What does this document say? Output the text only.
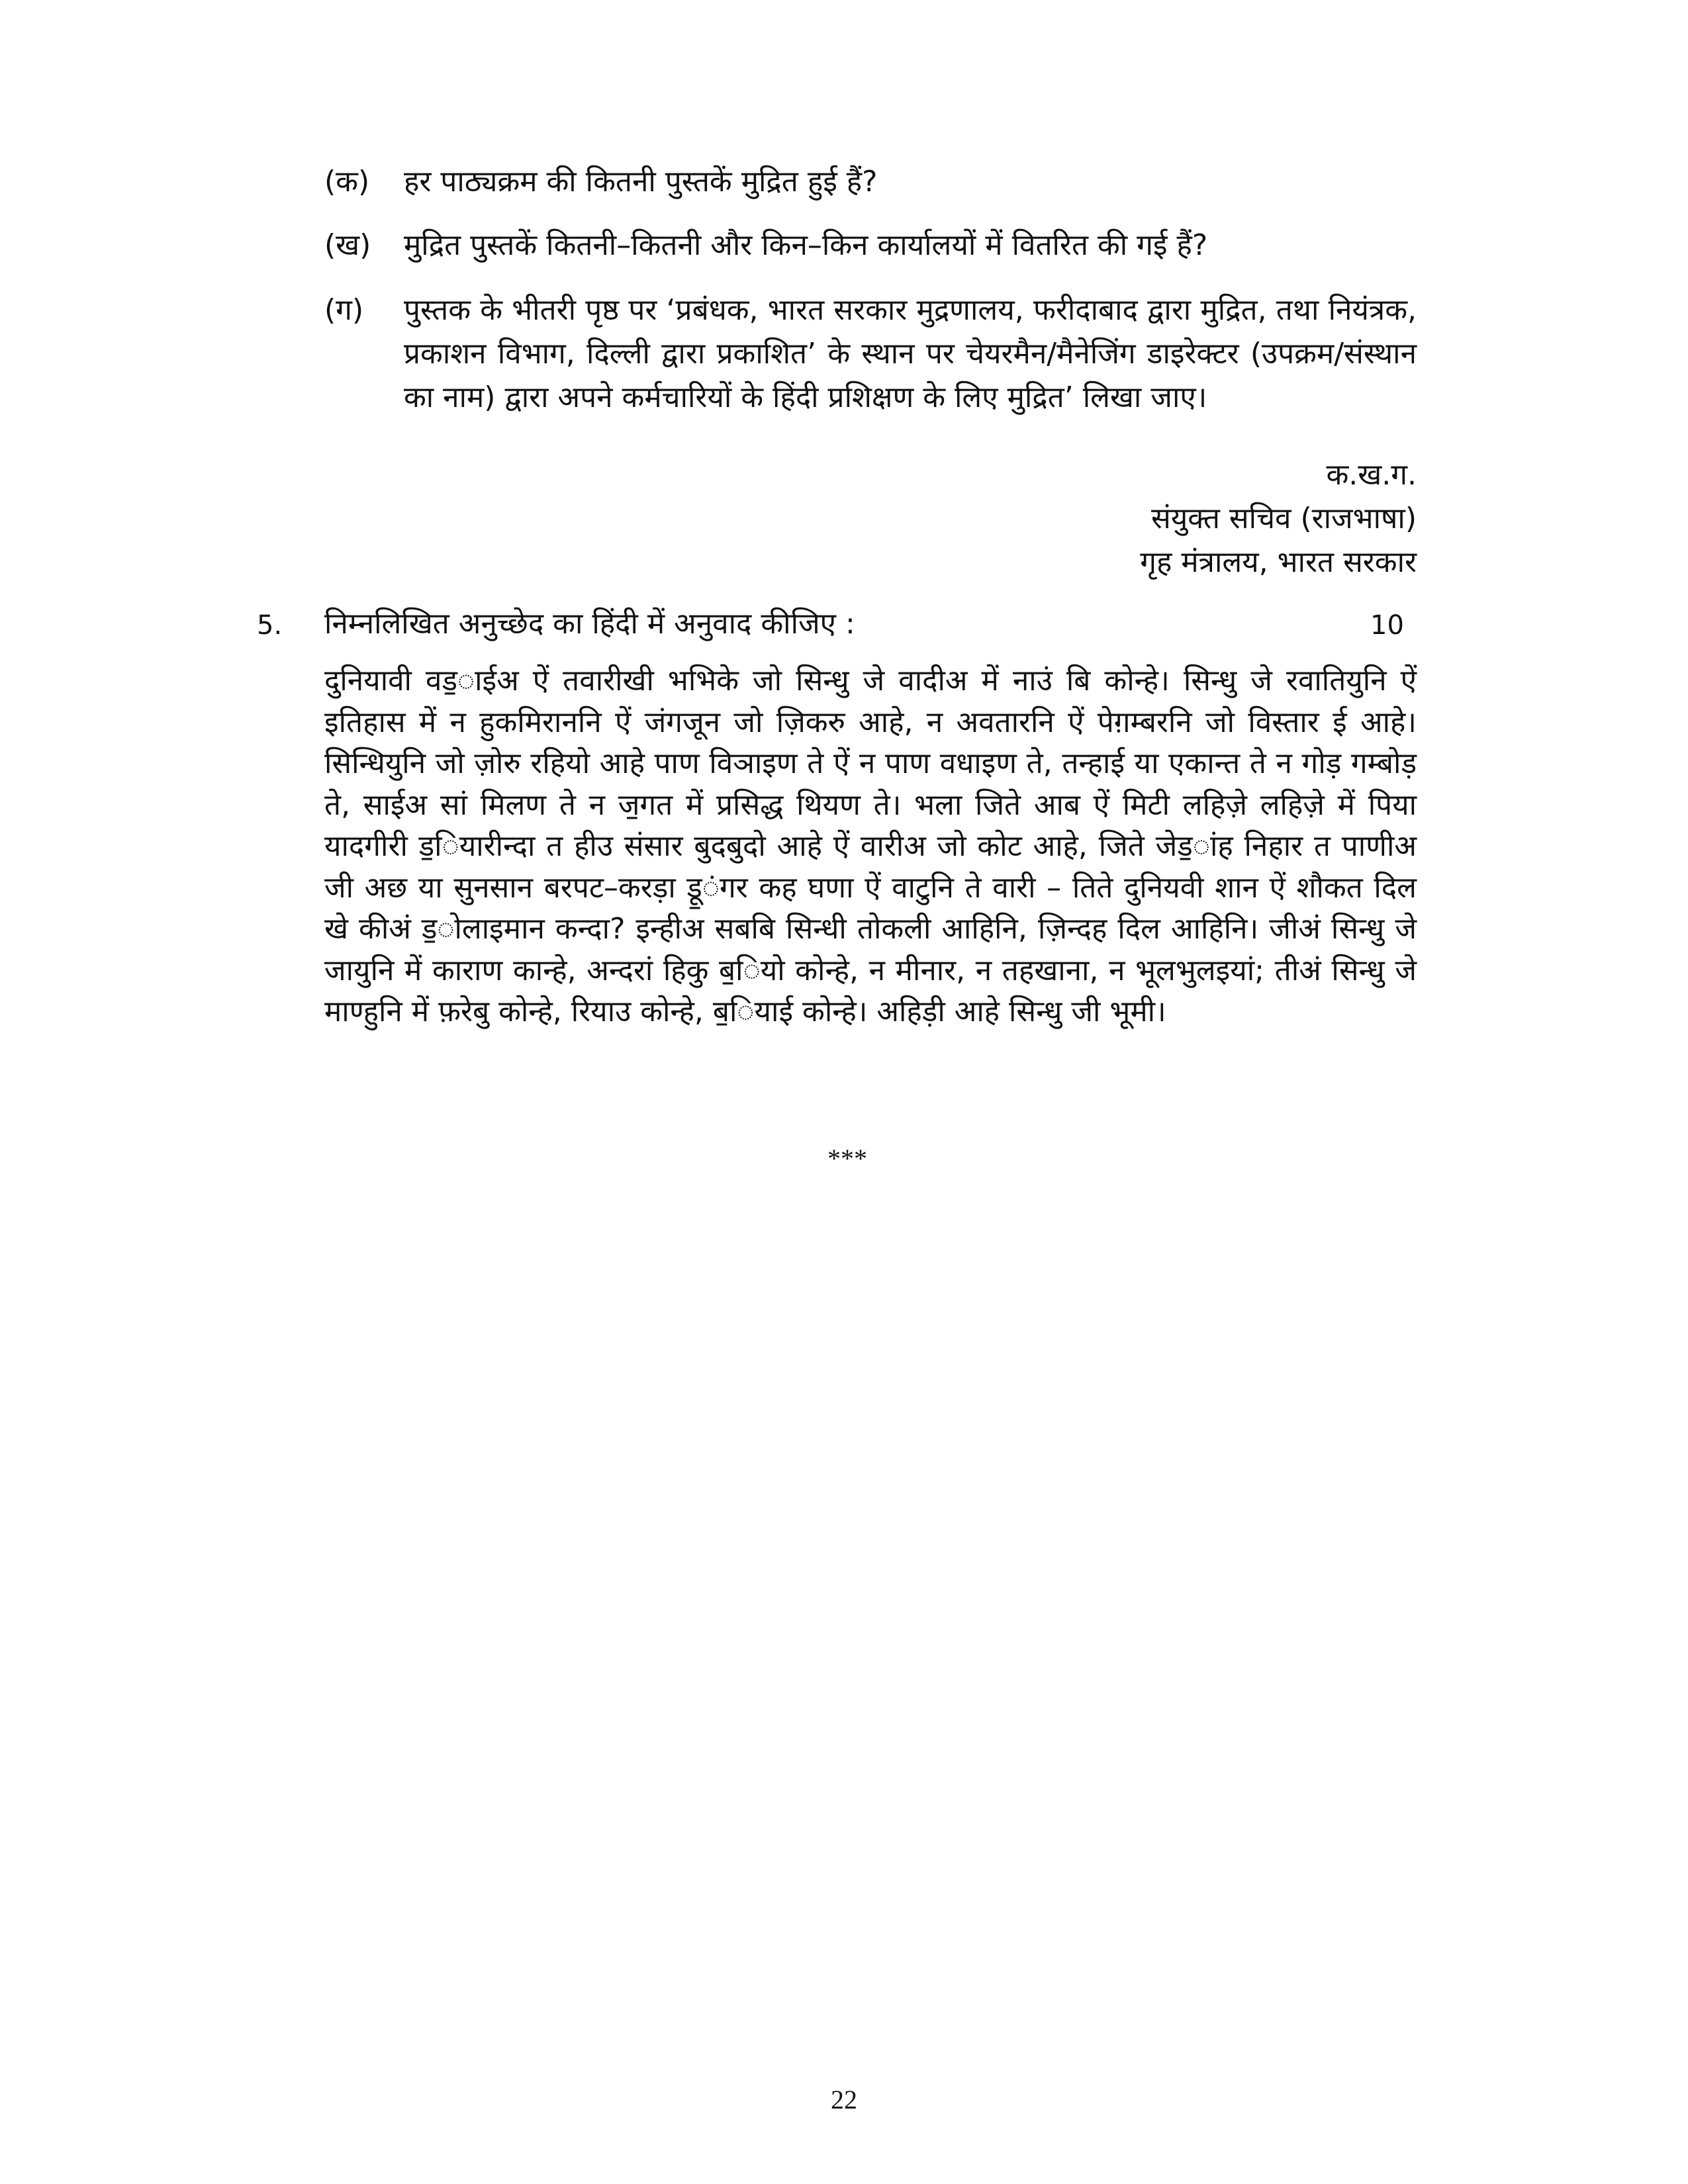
(क) हर पाठ्यक्रम की कितनी पुस्तकें मुद्रित हुई हैं?
(ख) मुद्रित पुस्तकें कितनी–कितनी और किन–किन कार्यालयों में वितरित की गई हैं?
(ग) पुस्तक के भीतरी पृष्ठ पर ‘प्रबंधक, भारत सरकार मुद्रणालय, फरीदाबाद द्वारा मुद्रित, तथा नियंत्रक, प्रकाशन विभाग, दिल्ली द्वारा प्रकाशित’ के स्थान पर चेयरमैन/मैनेजिंग डाइरेक्टर (उपक्रम/संस्थान का नाम) द्वारा अपने कर्मचारियों के हिंदी प्रशिक्षण के लिए मुद्रित’ लिखा जाए।
क.ख.ग.
संयुक्त सचिव (राजभाषा)
गृह मंत्रालय, भारत सरकार
5. निम्नलिखित अनुच्छेद का हिंदी में अनुवाद कीजिए :	10
दुनियावी वड॒ाईअ ऐं तवारीखी भभिके जो सिन्धु जे वादीअ में नाउं बि कोन्हे। सिन्धु जे रवातियुनि ऐं इतिहास में न हुकमिराननि ऐं जंगजून जो ज़िकरु आहे, न अवतारनि ऐं पेग़म्बरनि जो विस्तार ई आहे। सिन्धियुनि जो ज़ोरु रहियो आहे पाण विञाइण ते ऐं न पाण वधाइण ते, तन्हाई या एकान्त ते न गोड़ गम्बोड़ ते, साईअ सां मिलण ते न ज॒गत में प्रसिद्ध थियण ते। भला जिते आब ऐं मिटी लहिज़े लहिज़े में पिया यादगीरी ड॒ियारीन्दा त हीउ संसार बुदबुदो आहे ऐं वारीअ जो कोट आहे, जिते जेड॒ांह निहार त पाणीअ जी अछ या सुनसान बरपट–करड़ा डू॒ंगर कह घणा ऐं वाटुनि ते वारी – तिते दुनियवी शान ऐं शौकत दिल खे कीअं ड॒ोलाइमान कन्दा? इन्हीअ सबबि सिन्धी तोकली आहिनि, ज़िन्दह दिल आहिनि। जीअं सिन्धु जे जायुनि में काराण कान्हे, अन्दरां हिकु ब॒ियो कोन्हे, न मीनार, न तहखाना, न भूलभुलइयां; तीअं सिन्धु जे माण्हुनि में फ़रेबु कोन्हे, रियाउ कोन्हे, ब॒ियाई कोन्हे। अहिड़ी आहे सिन्धु जी भूमी।
***
22
